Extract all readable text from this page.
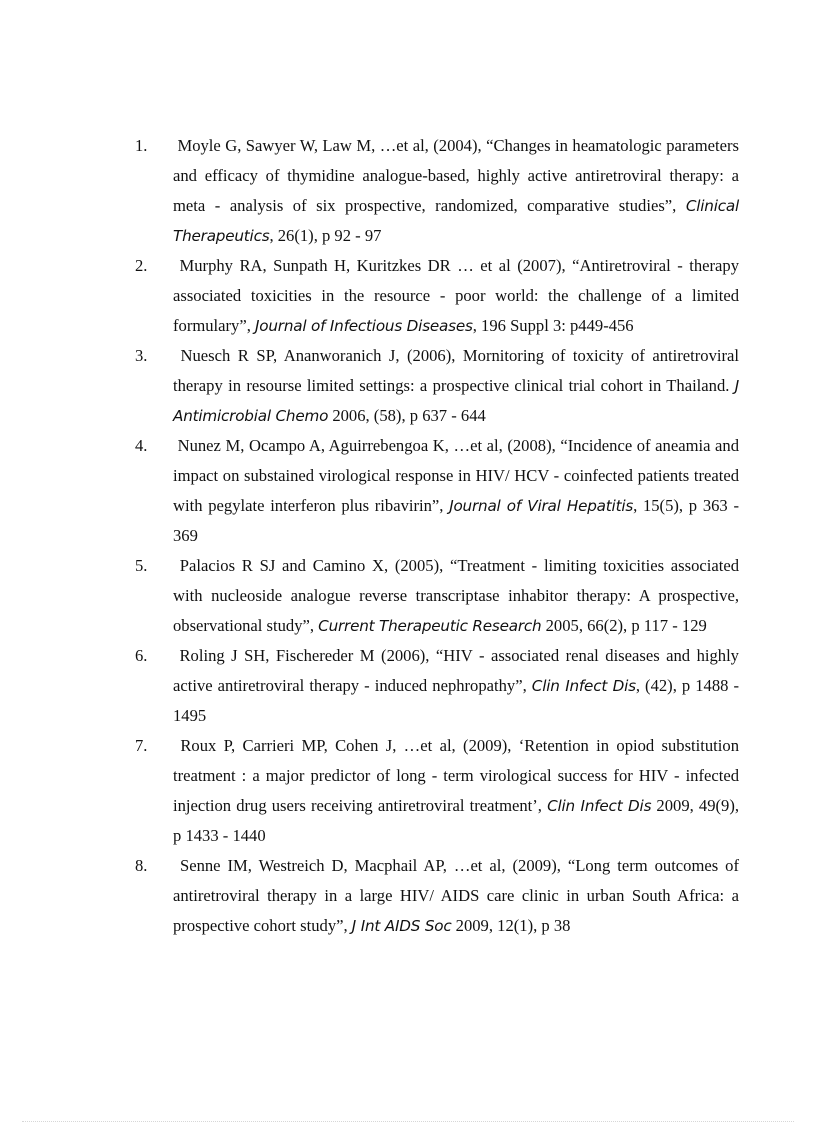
1. Moyle G, Sawyer W, Law M, …et al, (2004), “Changes in heamatologic parameters and efficacy of thymidine analogue-based, highly active antiretroviral therapy: a meta - analysis of six prospective, randomized, comparative studies”, Clinical Therapeutics, 26(1), p 92 - 97
2. Murphy RA, Sunpath H, Kuritzkes DR … et al (2007), “Antiretroviral - therapy associated toxicities in the resource - poor world: the challenge of a limited formulary”, Journal of Infectious Diseases, 196 Suppl 3: p449-456
3. Nuesch R SP, Ananworanich J, (2006), Mornitoring of toxicity of antiretroviral therapy in resourse limited settings: a prospective clinical trial cohort in Thailand. J Antimicrobial Chemo 2006, (58), p 637 - 644
4. Nunez M, Ocampo A, Aguirrebengoa K, …et al, (2008), “Incidence of aneamia and impact on substained virological response in HIV/ HCV - coinfected patients treated with pegylate interferon plus ribavirin”, Journal of Viral Hepatitis, 15(5), p 363 - 369
5. Palacios R SJ and Camino X, (2005), “Treatment - limiting toxicities associated with nucleoside analogue reverse transcriptase inhabitor therapy: A prospective, observational study”, Current Therapeutic Research 2005, 66(2), p 117 - 129
6. Roling J SH, Fischereder M (2006), “HIV - associated renal diseases and highly active antiretroviral therapy - induced nephropathy”, Clin Infect Dis, (42), p 1488 - 1495
7. Roux P, Carrieri MP, Cohen J, …et al, (2009), ‘Retention in opiod substitution treatment : a major predictor of long - term virological success for HIV - infected injection drug users receiving antiretroviral treatment’, Clin Infect Dis 2009, 49(9), p 1433 - 1440
8. Senne IM, Westreich D, Macphail AP, …et al, (2009), “Long term outcomes of antiretroviral therapy in a large HIV/ AIDS care clinic in urban South Africa: a prospective cohort study”, J Int AIDS Soc 2009, 12(1), p 38
